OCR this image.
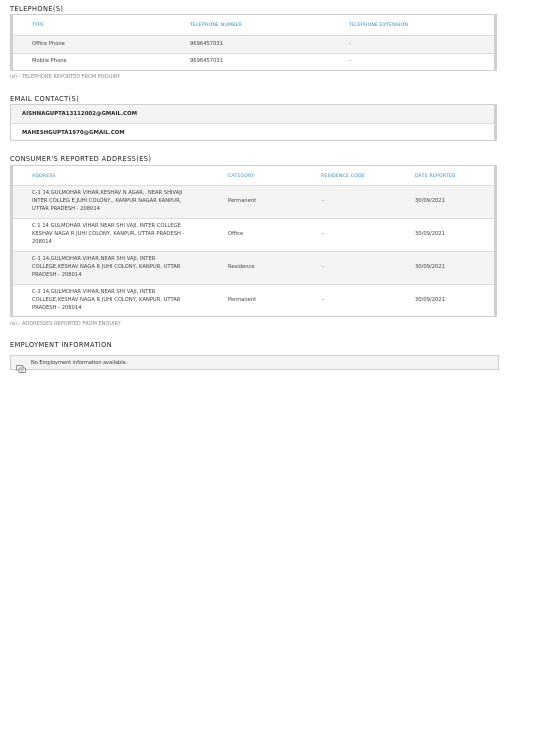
TELEPHONE(S)
TYPE	TELEPHONE NUMBER	TELEPHONE EXTENSION
Office Phone	9696457031	-
Mobile Phone	9696457031	-
(e) - TELEPHONE REPORTED FROM ENQUIRY
EMAIL CONTACT(S)
AISHNAGUPTA13112002@GMAIL.COM
MAHESHGUPTA1970@GMAIL.COM
CONSUMER'S REPORTED ADDRESS(ES)
ADDRESS	CATEGORY	RESIDENCE CODE	DATE REPORTED
C-1 14,GULMOHAR VIHAR,KESHAV N AGAR,, NEAR SHIVAJI
INTER COLLEG E,JUHI COLONY,, KANPUR NAGAR KANPUR,
UTTAR PRADESH - 208014
Permanent	-	30/09/2021
C 1 14 GULMOHAR VIHAR NEAR SHI VAJI, INTER COLLEGE
KESHAV NAGA R JUHI COLONY, KANPUR, UTTAR PRADESH -
208014
Office	-	30/09/2021
C-1 14,GULMOHAR VIHAR,NEAR SHI VAJI, INTER
COLLEGE,KESHAV NAGA R JUHI COLONY, KANPUR, UTTAR
PRADESH - 208014
Residence	-	30/09/2021
C-1 14,GULMOHAR VIHAR,NEAR SHI VAJI, INTER
COLLEGE,KESHAV NAGA R JUHI COLONY, KANPUR, UTTAR
PRADESH - 208014
Permanent	-	30/09/2021
(e) - ADDRESSES REPORTED FROM ENQUIRY
EMPLOYMENT INFORMATION
No Employment information available.
